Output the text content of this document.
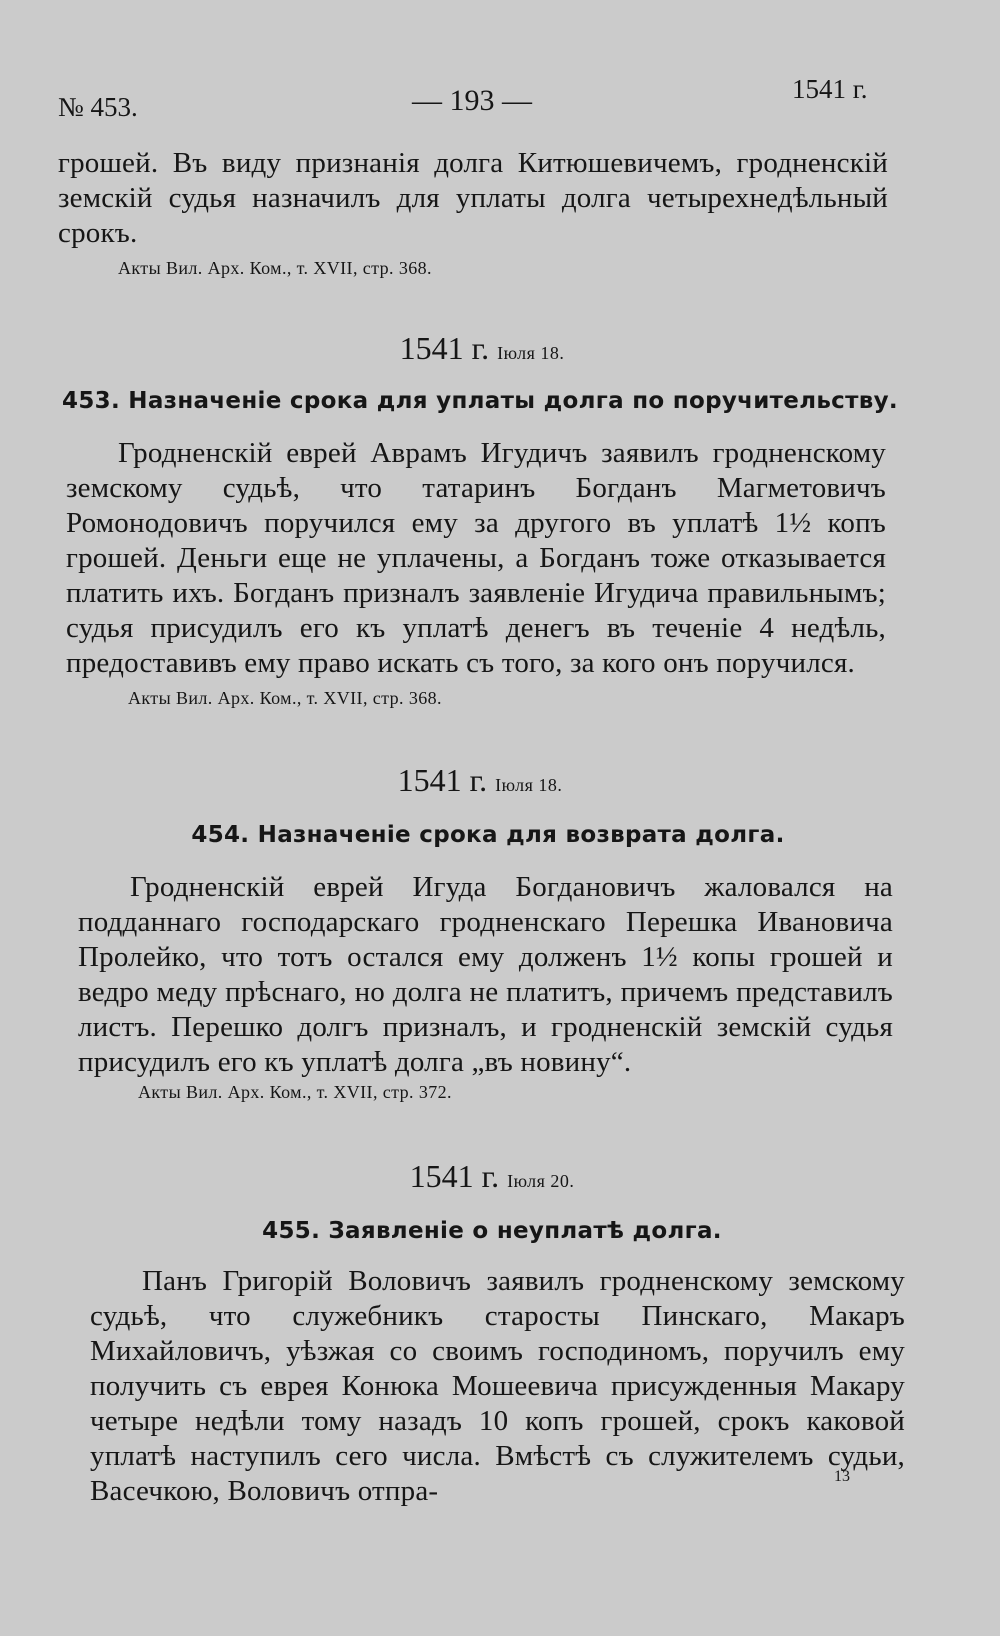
№ 453.	— 193 —	1541 г.

грошей. Въ виду признанія долга Китюшевичемъ, гродненскій земскій судья назначилъ для уплаты долга четырехнедѣльный срокъ.

Акты Вил. Арх. Ком., т. XVII, стр. 368.
1541 г. Іюля 18.
453. Назначеніе срока для уплаты долга по поручительству.

Гродненскій еврей Аврамъ Игудичъ заявилъ гродненскому земскому судьѣ, что татаринъ Богданъ Магметовичъ Ромонодовичъ поручился ему за другого въ уплатѣ 1½ копъ грошей. Деньги еще не уплачены, а Богданъ тоже отказывается платить ихъ. Богданъ призналъ заявленіе Игудича правильнымъ; судья присудилъ его къ уплатѣ денегъ въ теченіе 4 недѣль, предоставивъ ему право искать съ того, за кого онъ поручился.

Акты Вил. Арх. Ком., т. XVII, стр. 368.
1541 г. Іюля 18.
454. Назначеніе срока для возврата долга.

Гродненскій еврей Игуда Богдановичъ жаловался на подданнаго господарскаго гродненскаго Перешка Ивановича Пролейко, что тотъ остался ему долженъ 1½ копы грошей и ведро меду прѣснаго, но долга не платитъ, причемъ представилъ листъ. Перешко долгъ призналъ, и гродненскій земскій судья присудилъ его къ уплатѣ долга „въ новину“.

Акты Вил. Арх. Ком., т. XVII, стр. 372.
1541 г. Іюля 20.
455. Заявленіе о неуплатѣ долга.

Панъ Григорій Воловичъ заявилъ гродненскому земскому судьѣ, что служебникъ старосты Пинскаго, Макаръ Михайловичъ, уѣзжая со своимъ господиномъ, поручилъ ему получить съ еврея Конюка Мошеевича присужденныя Макару четыре недѣли тому назадъ 10 копъ грошей, срокъ каковой уплатѣ наступилъ сего числа. Вмѣстѣ съ служителемъ судьи, Васечкою, Воловичъ отпра-	13
